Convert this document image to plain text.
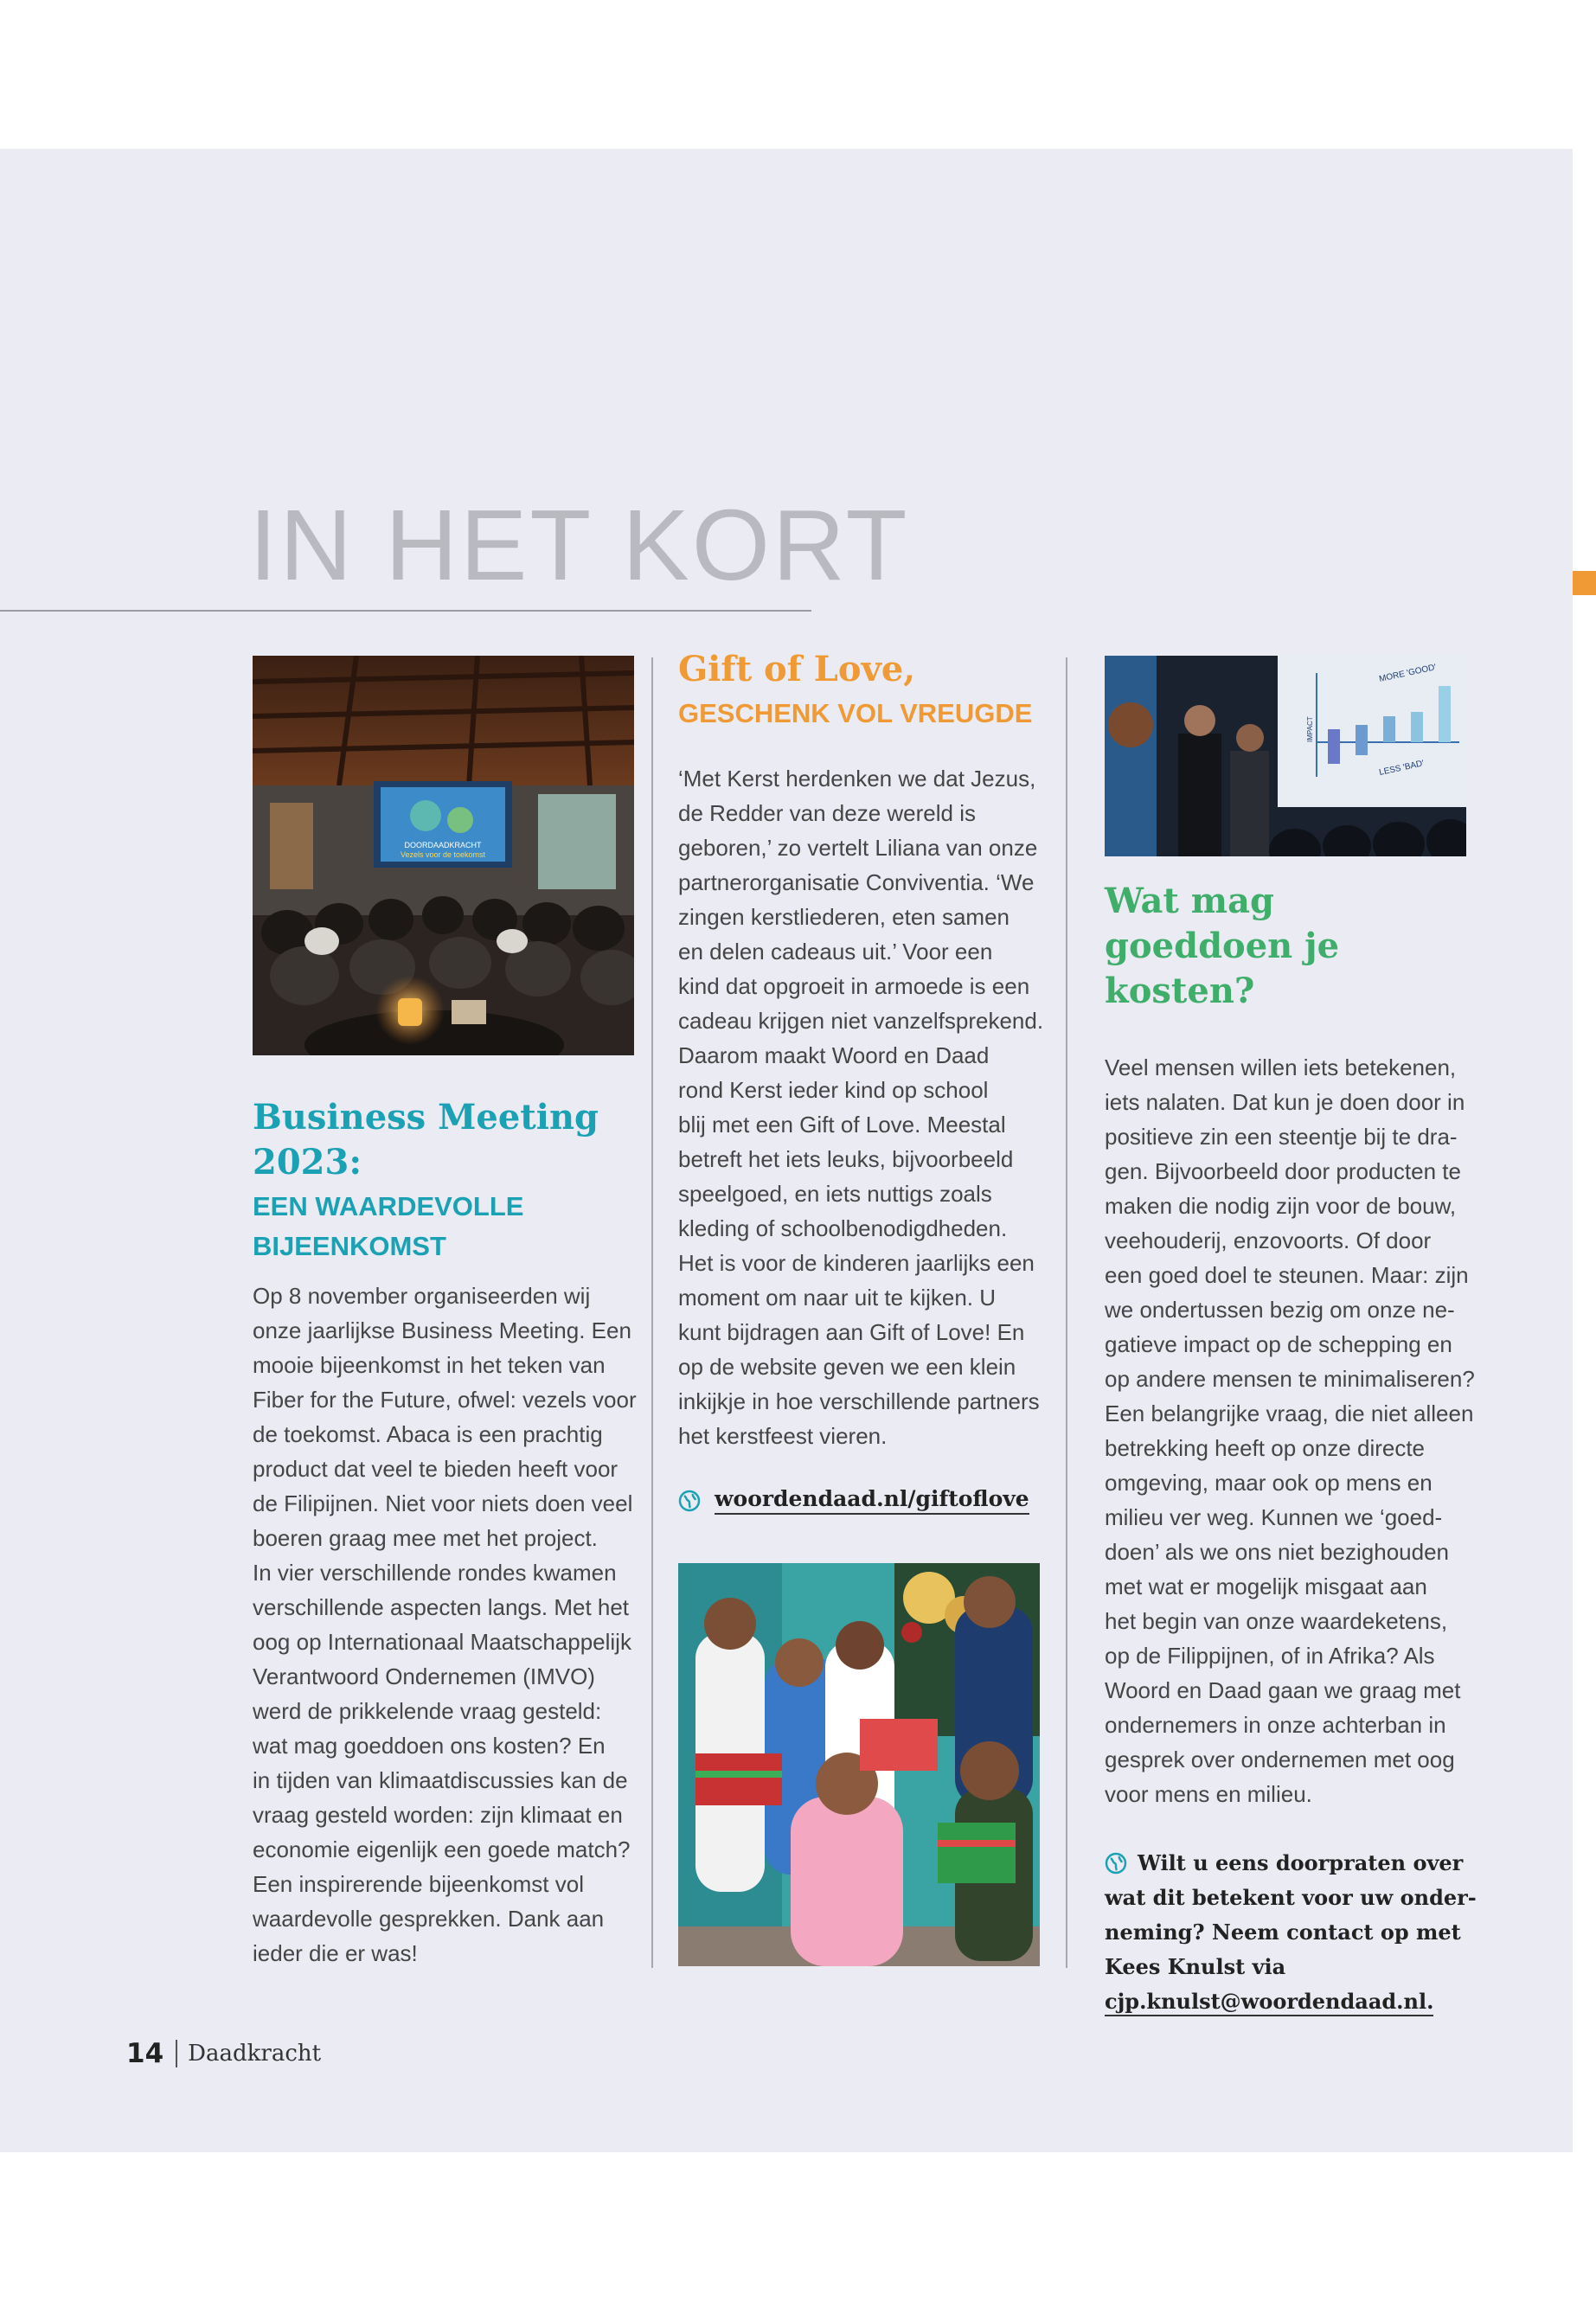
IN HET KORT
DOORDAADKRACHT
Vezels voor de toekomst
Business Meeting 2023:
EEN WAARDEVOLLE BIJEENKOMST

Op 8 november organiseerden wij
onze jaarlijkse Business Meeting. Een
mooie bijeenkomst in het teken van
Fiber for the Future, ofwel: vezels voor
de toekomst. Abaca is een prachtig
product dat veel te bieden heeft voor
de Filipijnen. Niet voor niets doen veel
boeren graag mee met het project.
In vier verschillende rondes kwamen
verschillende aspecten langs. Met het
oog op Internationaal Maatschappelijk
Verantwoord Ondernemen (IMVO)
werd de prikkelende vraag gesteld:
wat mag goeddoen ons kosten? En
in tijden van klimaatdiscussies kan de
vraag gesteld worden: zijn klimaat en
economie eigenlijk een goede match?
Een inspirerende bijeenkomst vol
waardevolle gesprekken. Dank aan
ieder die er was!

Gift of Love,
GESCHENK VOL VREUGDE

‘Met Kerst herdenken we dat Jezus,
de Redder van deze wereld is
geboren,’ zo vertelt Liliana van onze
partnerorganisatie Conviventia. ‘We
zingen kerstliederen, eten samen
en delen cadeaus uit.’ Voor een
kind dat opgroeit in armoede is een
cadeau krijgen niet vanzelfsprekend.
Daarom maakt Woord en Daad
rond Kerst ieder kind op school
blij met een Gift of Love. Meestal
betreft het iets leuks, bijvoorbeeld
speelgoed, en iets nuttigs zoals
kleding of schoolbenodigdheden.
Het is voor de kinderen jaarlijks een
moment om naar uit te kijken. U
kunt bijdragen aan Gift of Love! En
op de website geven we een klein
inkijkje in hoe verschillende partners
het kerstfeest vieren.

woordendaad.nl/giftoflove
MORE 'GOOD'
LESS 'BAD'
IMPACT
Wat mag goeddoen je kosten?

Veel mensen willen iets betekenen,
iets nalaten. Dat kun je doen door in
positieve zin een steentje bij te dra-
gen. Bijvoorbeeld door producten te
maken die nodig zijn voor de bouw,
veehouderij, enzovoorts. Of door
een goed doel te steunen. Maar: zijn
we ondertussen bezig om onze ne-
gatieve impact op de schepping en
op andere mensen te minimaliseren?
Een belangrijke vraag, die niet alleen
betrekking heeft op onze directe
omgeving, maar ook op mens en
milieu ver weg. Kunnen we ‘goed-
doen’ als we ons niet bezighouden
met wat er mogelijk misgaat aan
het begin van onze waardeketens,
op de Filippijnen, of in Afrika? Als
Woord en Daad gaan we graag met
ondernemers in onze achterban in
gesprek over ondernemen met oog
voor mens en milieu.

Wilt u eens doorpraten over
wat dit betekent voor uw onder-
neming? Neem contact op met
Kees Knulst via
cjp.knulst@woordendaad.nl.
14 Daadkracht
